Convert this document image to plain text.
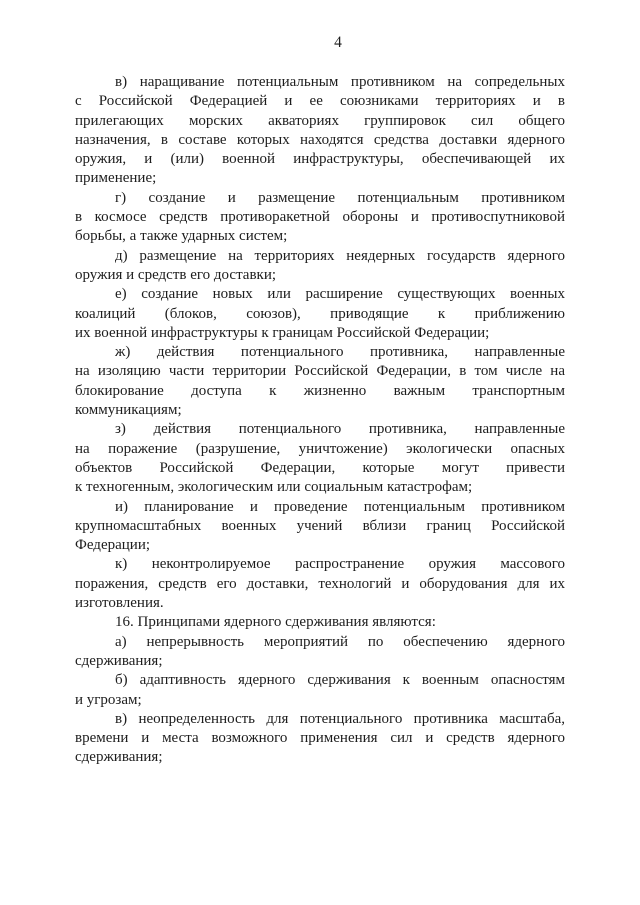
4
в) наращивание потенциальным противником на сопредельных
с Российской Федерацией и ее союзниками территориях и в
прилегающих морских акваториях группировок сил общего
назначения, в составе которых находятся средства доставки ядерного
оружия, и (или) военной инфраструктуры, обеспечивающей их
применение;
г) создание и размещение потенциальным противником
в космосе средств противоракетной обороны и противоспутниковой
борьбы, а также ударных систем;
д) размещение на территориях неядерных государств ядерного
оружия и средств его доставки;
е) создание новых или расширение существующих военных
коалиций (блоков, союзов), приводящие к приближению
их военной инфраструктуры к границам Российской Федерации;
ж) действия потенциального противника, направленные
на изоляцию части территории Российской Федерации, в том числе на
блокирование доступа к жизненно важным транспортным
коммуникациям;
з) действия потенциального противника, направленные
на поражение (разрушение, уничтожение) экологически опасных
объектов Российской Федерации, которые могут привести
к техногенным, экологическим или социальным катастрофам;
и) планирование и проведение потенциальным противником
крупномасштабных военных учений вблизи границ Российской
Федерации;
к) неконтролируемое распространение оружия массового
поражения, средств его доставки, технологий и оборудования для их
изготовления.
16. Принципами ядерного сдерживания являются:
а) непрерывность мероприятий по обеспечению ядерного
сдерживания;
б) адаптивность ядерного сдерживания к военным опасностям
и угрозам;
в) неопределенность для потенциального противника масштаба,
времени и места возможного применения сил и средств ядерного
сдерживания;
